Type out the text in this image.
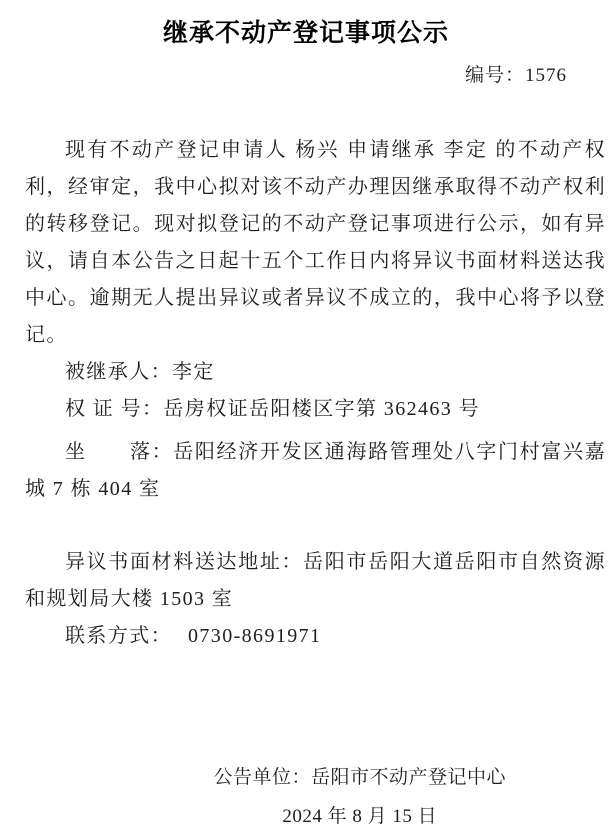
继承不动产登记事项公示
编号：1576

现有不动产登记申请人 杨兴 申请继承 李定 的不动产权利，经审定，我中心拟对该不动产办理因继承取得不动产权利的转移登记。现对拟登记的不动产登记事项进行公示，如有异议，请自本公告之日起十五个工作日内将异议书面材料送达我中心。逾期无人提出异议或者异议不成立的，我中心将予以登记。

被继承人：李定
权 证 号：岳房权证岳阳楼区字第 362463 号
坐　　落：岳阳经济开发区通海路管理处八字门村富兴嘉城 7 栋 404 室

异议书面材料送达地址：岳阳市岳阳大道岳阳市自然资源和规划局大楼 1503 室

联系方式： 0730-8691971
公告单位：岳阳市不动产登记中心
2024 年 8 月 15 日
